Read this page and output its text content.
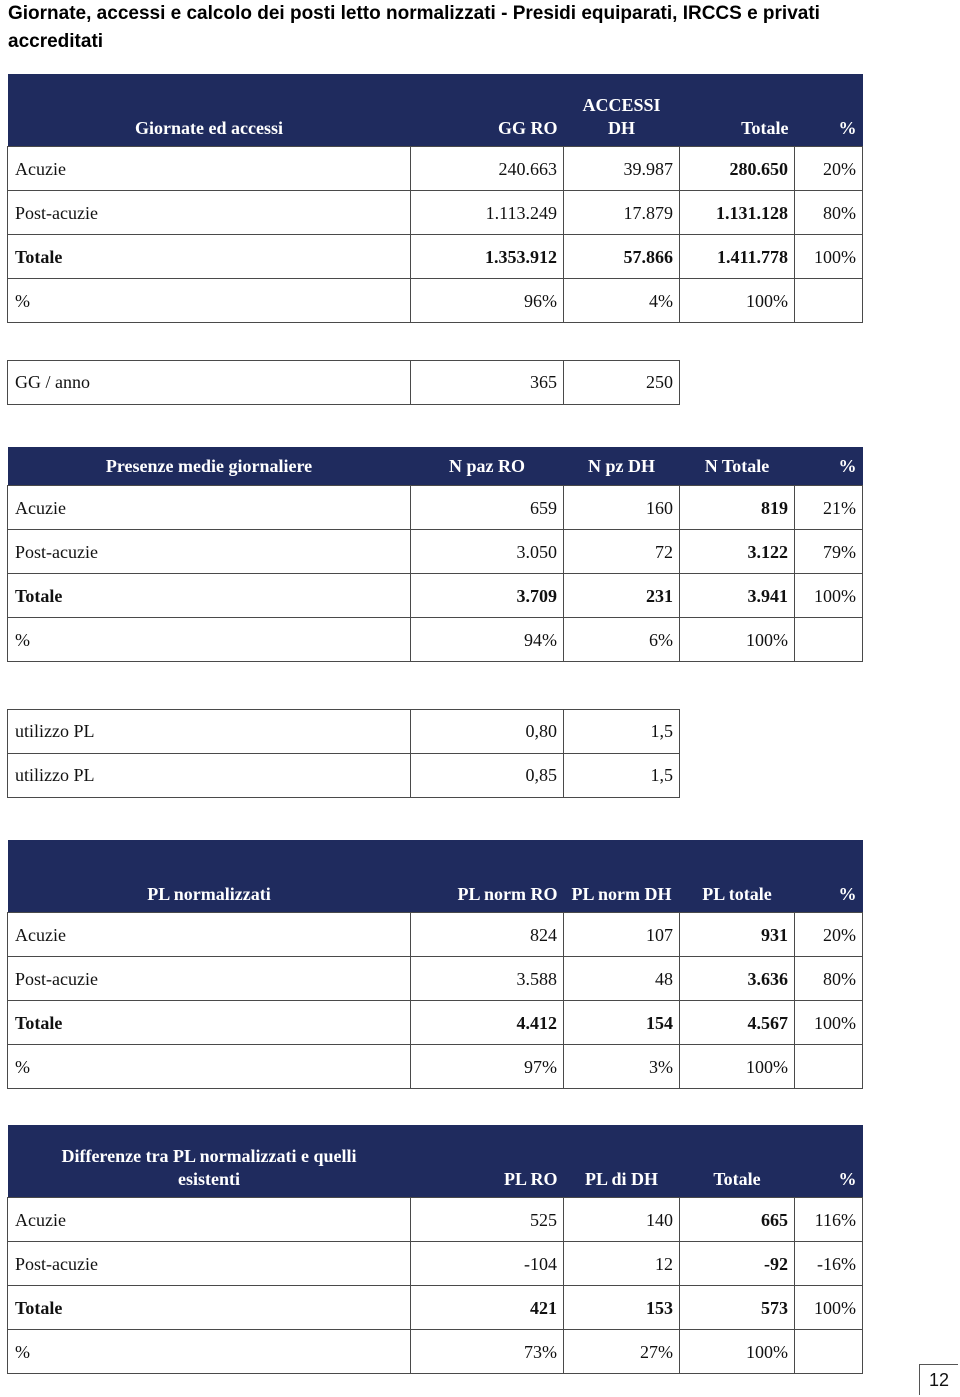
Giornate, accessi e calcolo dei posti letto normalizzati - Presidi equiparati, IRCCS e privati accreditati
Giornate ed accessi	GG RO	ACCESSI DH	Totale	%
Acuzie	240.663	39.987	280.650	20%
Post-acuzie	1.113.249	17.879	1.131.128	80%
Totale	1.353.912	57.866	1.411.778	100%
%	96%	4%	100%	
GG / anno	365	250
Presenze medie giornaliere	N paz RO	N pz DH	N Totale	%
Acuzie	659	160	819	21%
Post-acuzie	3.050	72	3.122	79%
Totale	3.709	231	3.941	100%
%	94%	6%	100%	
utilizzo PL	0,80	1,5
utilizzo PL	0,85	1,5
PL normalizzati	PL norm RO	PL norm DH	PL totale	%
Acuzie	824	107	931	20%
Post-acuzie	3.588	48	3.636	80%
Totale	4.412	154	4.567	100%
%	97%	3%	100%	
Differenze tra PL normalizzati e quelli esistenti	PL RO	PL di DH	Totale	%
Acuzie	525	140	665	116%
Post-acuzie	-104	12	-92	-16%
Totale	421	153	573	100%
%	73%	27%	100%	
12
